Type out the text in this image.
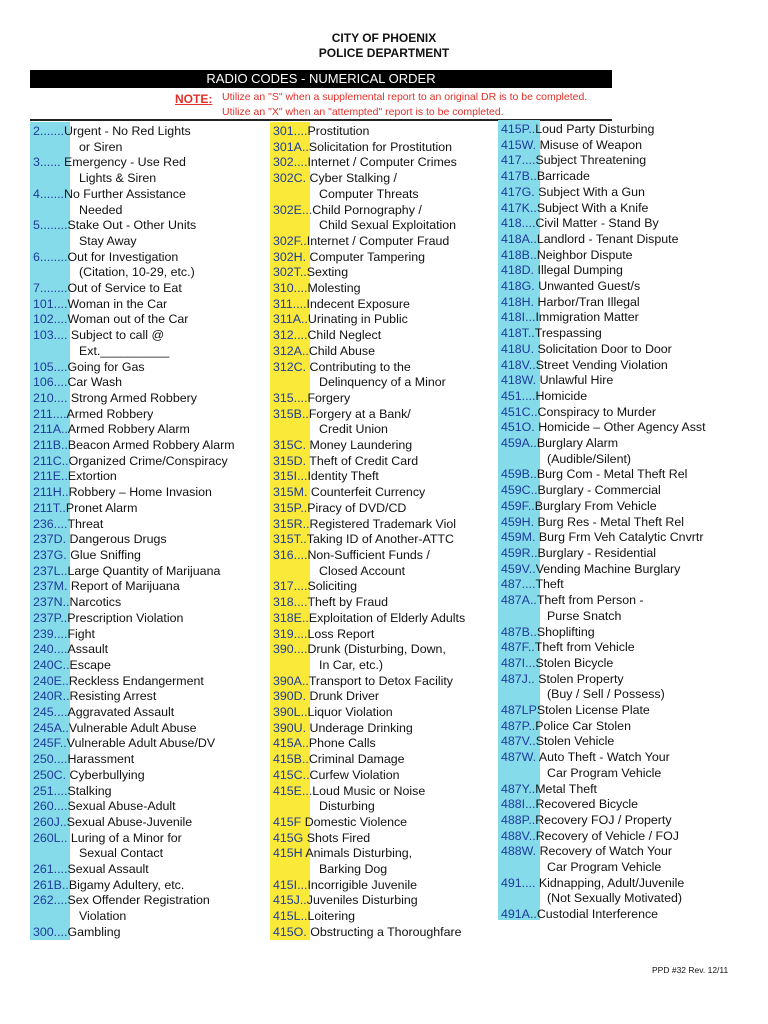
CITY OF PHOENIX
POLICE DEPARTMENT
RADIO CODES - NUMERICAL ORDER
NOTE: Utilize an "S" when a supplemental report to an original DR is to be completed.
Utilize an "X" when an "attempted" report is to be completed.
2.......Urgent - No Red Lights
or Siren
3...... Emergency - Use Red
Lights & Siren
4.......No Further Assistance
Needed
5........Stake Out - Other Units
Stay Away
6........Out for Investigation
(Citation, 10-29, etc.)
7........Out of Service to Eat
101....Woman in the Car
102....Woman out of the Car
103.... Subject to call @
Ext.__________
105....Going for Gas
106....Car Wash
210.... Strong Armed Robbery
211....Armed Robbery
211A..Armed Robbery Alarm
211B..Beacon Armed Robbery Alarm
211C..Organized Crime/Conspiracy
211E..Extortion
211H..Robbery – Home Invasion
211T..Pronet Alarm
236....Threat
237D. Dangerous Drugs
237G. Glue Sniffing
237L..Large Quantity of Marijuana
237M. Report of Marijuana
237N..Narcotics
237P..Prescription Violation
239....Fight
240....Assault
240C..Escape
240E..Reckless Endangerment
240R..Resisting Arrest
245....Aggravated Assault
245A..Vulnerable Adult Abuse
245F..Vulnerable Adult Abuse/DV
250....Harassment
250C. Cyberbullying
251....Stalking
260....Sexual Abuse-Adult
260J..Sexual Abuse-Juvenile
260L.. Luring of a Minor for
Sexual Contact
261....Sexual Assault
261B..Bigamy Adultery, etc.
262....Sex Offender Registration
Violation
300....Gambling
301....Prostitution
301A..Solicitation for Prostitution
302....Internet / Computer Crimes
302C. Cyber Stalking /
Computer Threats
302E...Child Pornography /
Child Sexual Exploitation
302F..Internet / Computer Fraud
302H. Computer Tampering
302T..Sexting
310....Molesting
311....Indecent Exposure
311A..Urinating in Public
312....Child Neglect
312A..Child Abuse
312C. Contributing to the
Delinquency of a Minor
315....Forgery
315B..Forgery at a Bank/
Credit Union
315C. Money Laundering
315D. Theft of Credit Card
315I...Identity Theft
315M. Counterfeit Currency
315P..Piracy of DVD/CD
315R..Registered Trademark Viol
315T..Taking ID of Another-ATTC
316....Non-Sufficient Funds /
Closed Account
317....Soliciting
318....Theft by Fraud
318E..Exploitation of Elderly Adults
319....Loss Report
390....Drunk (Disturbing, Down,
In Car, etc.)
390A..Transport to Detox Facility
390D. Drunk Driver
390L..Liquor Violation
390U. Underage Drinking
415A..Phone Calls
415B..Criminal Damage
415C..Curfew Violation
415E...Loud Music or Noise
Disturbing
415F Domestic Violence
415G Shots Fired
415H Animals Disturbing,
Barking Dog
415I...Incorrigible Juvenile
415J..Juveniles Disturbing
415L..Loitering
415O. Obstructing a Thoroughfare
415P..Loud Party Disturbing
415W. Misuse of Weapon
417....Subject Threatening
417B..Barricade
417G. Subject With a Gun
417K..Subject With a Knife
418....Civil Matter - Stand By
418A..Landlord - Tenant Dispute
418B..Neighbor Dispute
418D. Illegal Dumping
418G. Unwanted Guest/s
418H. Harbor/Tran Illegal
418I...Immigration Matter
418T..Trespassing
418U. Solicitation Door to Door
418V..Street Vending Violation
418W. Unlawful Hire
451....Homicide
451C..Conspiracy to Murder
451O. Homicide – Other Agency Asst
459A..Burglary Alarm
(Audible/Silent)
459B..Burg Com - Metal Theft Rel
459C..Burglary - Commercial
459F..Burglary From Vehicle
459H. Burg Res - Metal Theft Rel
459M. Burg Frm Veh Catalytic Cnvrtr
459R..Burglary - Residential
459V..Vending Machine Burglary
487....Theft
487A..Theft from Person -
Purse Snatch
487B..Shoplifting
487F..Theft from Vehicle
487I...Stolen Bicycle
487J.. Stolen Property
(Buy / Sell / Possess)
487LPStolen License Plate
487P..Police Car Stolen
487V..Stolen Vehicle
487W. Auto Theft - Watch Your
Car Program Vehicle
487Y..Metal Theft
488I...Recovered Bicycle
488P..Recovery FOJ / Property
488V..Recovery of Vehicle / FOJ
488W. Recovery of Watch Your
Car Program Vehicle
491.... Kidnapping, Adult/Juvenile
(Not Sexually Motivated)
491A..Custodial Interference
PPD #32 Rev. 12/11
